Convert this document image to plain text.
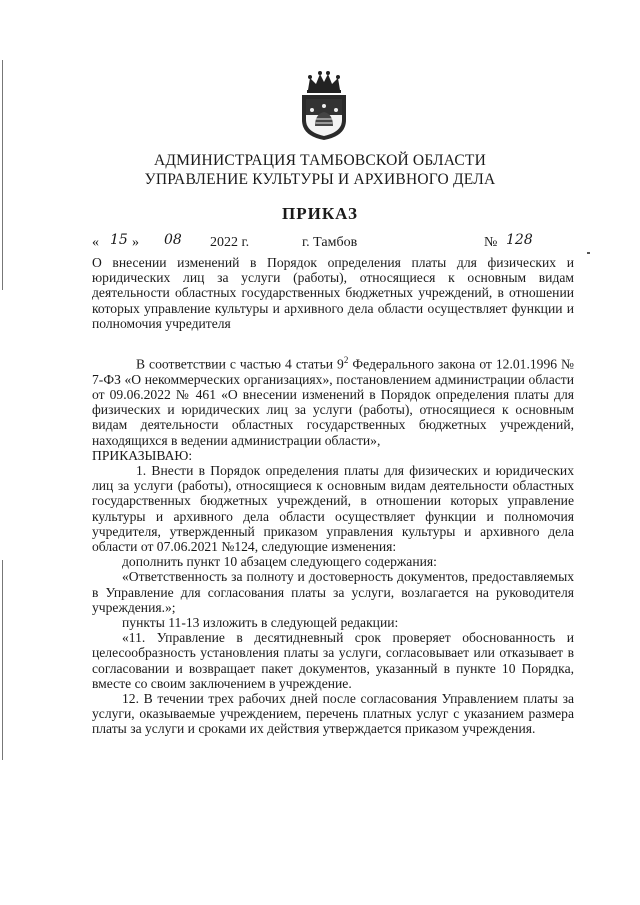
АДМИНИСТРАЦИЯ ТАМБОВСКОЙ ОБЛАСТИ
УПРАВЛЕНИЕ КУЛЬТУРЫ И АРХИВНОГО ДЕЛА
ПРИКАЗ
« 15 » 08 2022 г.	г. Тамбов	№ 128
О внесении изменений в Порядок определения платы для физических и юридических лиц за услуги (работы), относящиеся к основным видам деятельности областных государственных бюджетных учреждений, в отношении которых управление культуры и архивного дела области осуществляет функции и полномочия учредителя

В соответствии с частью 4 статьи $9^2$ Федерального закона от 12.01.1996 № 7-ФЗ «О некоммерческих организациях», постановлением администрации области от 09.06.2022 № 461 «О внесении изменений в Порядок определения платы для физических и юридических лиц за услуги (работы), относящиеся к основным видам деятельности областных государственных бюджетных учреждений, находящихся в ведении администрации области»,

ПРИКАЗЫВАЮ:

1. Внести в Порядок определения платы для физических и юридических лиц за услуги (работы), относящиеся к основным видам деятельности областных государственных бюджетных учреждений, в отношении которых управление культуры и архивного дела области осуществляет функции и полномочия учредителя, утвержденный приказом управления культуры и архивного дела области от 07.06.2021 №124, следующие изменения:

дополнить пункт 10 абзацем следующего содержания:

«Ответственность за полноту и достоверность документов, предоставляемых в Управление для согласования платы за услуги, возлагается на руководителя учреждения.»;

пункты 11-13 изложить в следующей редакции:

«11. Управление в десятидневный срок проверяет обоснованность и целесообразность установления платы за услуги, согласовывает или отказывает в согласовании и возвращает пакет документов, указанный в пункте 10 Порядка, вместе со своим заключением в учреждение.

12. В течении трех рабочих дней после согласования Управлением платы за услуги, оказываемые учреждением, перечень платных услуг с указанием размера платы за услуги и сроками их действия утверждается приказом учреждения.
